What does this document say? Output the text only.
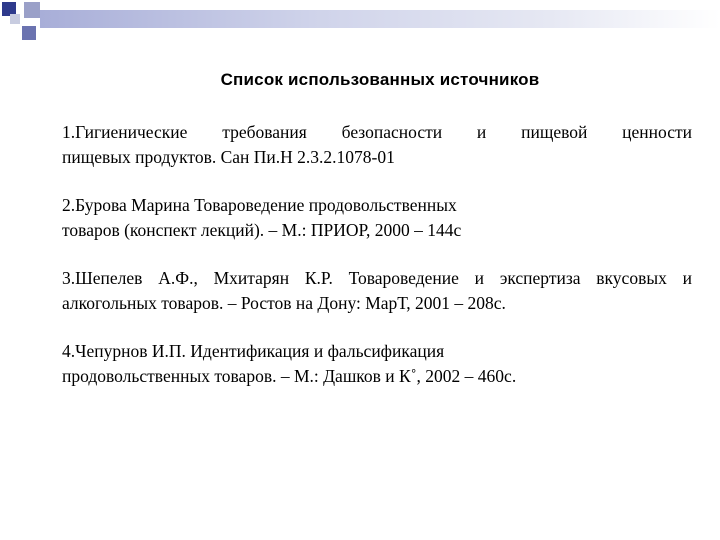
Список использованных источников
1.Гигиенические требования безопасности и пищевой ценности
пищевых продуктов. Сан Пи.Н 2.3.2.1078-01
2.Бурова Марина Товароведение продовольственных
товаров (конспект лекций). – М.: ПРИОР, 2000 – 144с
3.Шепелев А.Ф., Мхитарян К.Р. Товароведение и экспертиза вкусовых и
алкогольных товаров. – Ростов на Дону: МарТ, 2001 – 208с.
4.Чепурнов И.П. Идентификация и фальсификация
продовольственных товаров. – М.: Дашков и К˚, 2002 – 460с.
